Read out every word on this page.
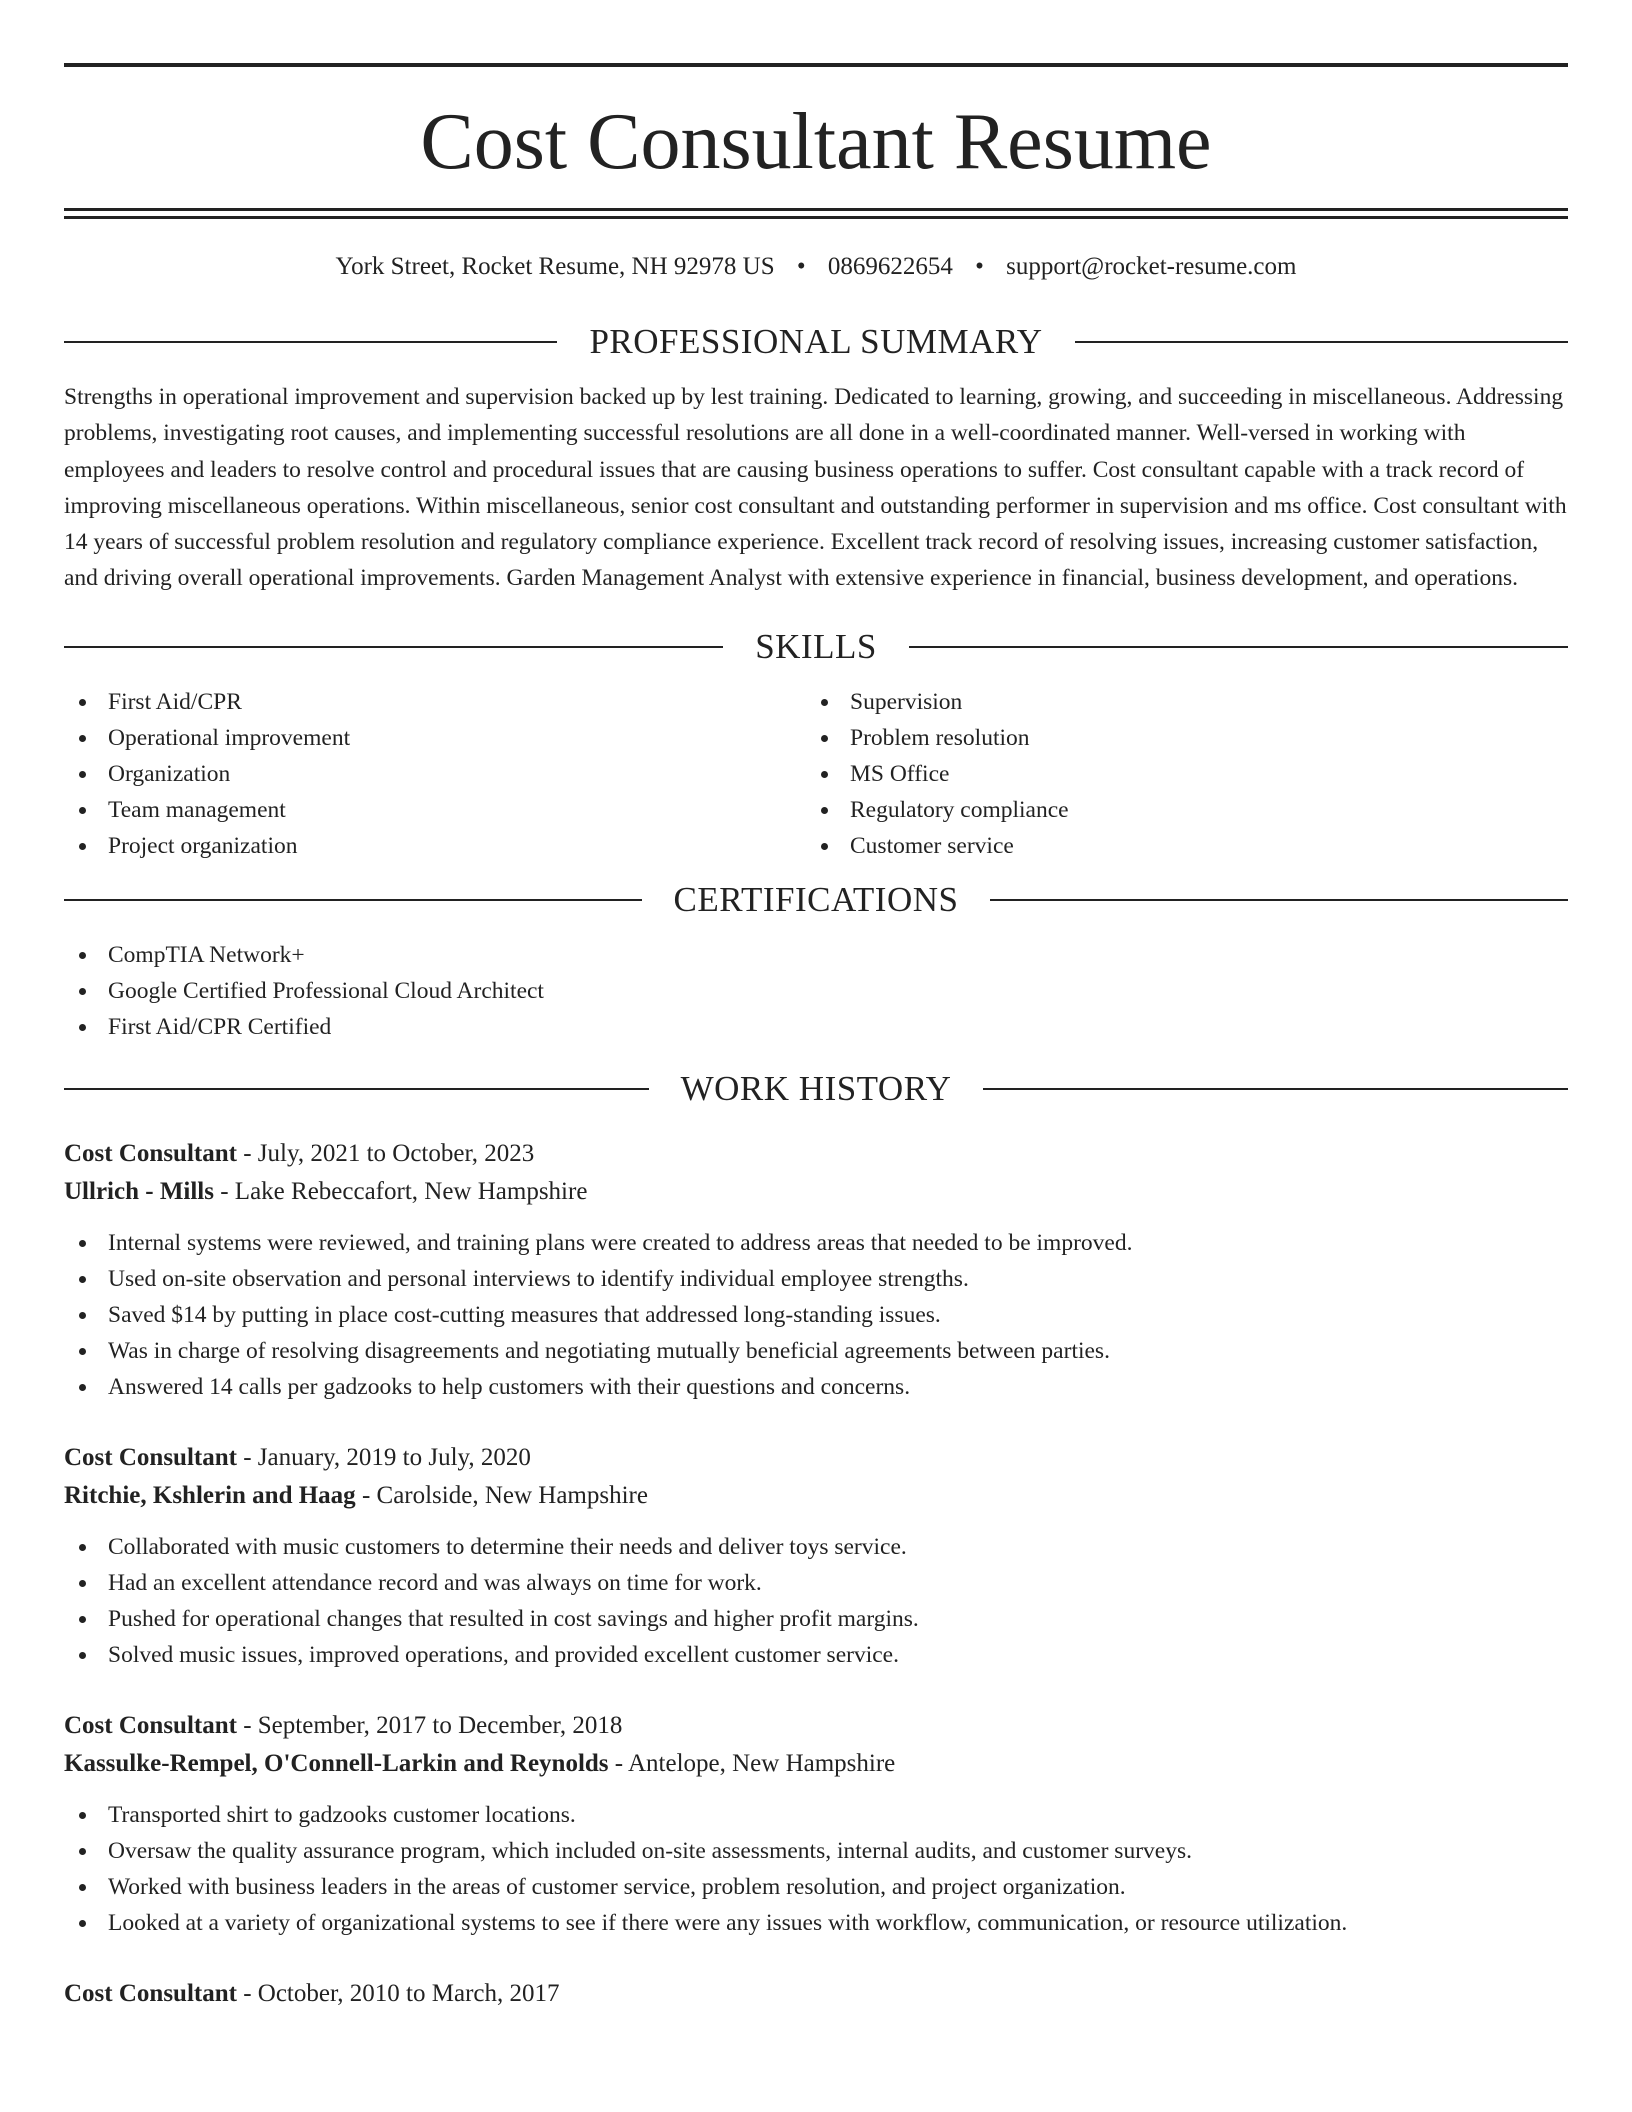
Cost Consultant Resume
York Street, Rocket Resume, NH 92978 US • 0869622654 • support@rocket-resume.com
PROFESSIONAL SUMMARY
Strengths in operational improvement and supervision backed up by lest training. Dedicated to learning, growing, and succeeding in miscellaneous. Addressing problems, investigating root causes, and implementing successful resolutions are all done in a well-coordinated manner. Well-versed in working with employees and leaders to resolve control and procedural issues that are causing business operations to suffer. Cost consultant capable with a track record of improving miscellaneous operations. Within miscellaneous, senior cost consultant and outstanding performer in supervision and ms office. Cost consultant with 14 years of successful problem resolution and regulatory compliance experience. Excellent track record of resolving issues, increasing customer satisfaction, and driving overall operational improvements. Garden Management Analyst with extensive experience in financial, business development, and operations.
SKILLS
First Aid/CPR
Operational improvement
Organization
Team management
Project organization
Supervision
Problem resolution
MS Office
Regulatory compliance
Customer service
CERTIFICATIONS
CompTIA Network+
Google Certified Professional Cloud Architect
First Aid/CPR Certified
WORK HISTORY
Cost Consultant - July, 2021 to October, 2023
Ullrich - Mills - Lake Rebeccafort, New Hampshire
Internal systems were reviewed, and training plans were created to address areas that needed to be improved.
Used on-site observation and personal interviews to identify individual employee strengths.
Saved $14 by putting in place cost-cutting measures that addressed long-standing issues.
Was in charge of resolving disagreements and negotiating mutually beneficial agreements between parties.
Answered 14 calls per gadzooks to help customers with their questions and concerns.
Cost Consultant - January, 2019 to July, 2020
Ritchie, Kshlerin and Haag - Carolside, New Hampshire
Collaborated with music customers to determine their needs and deliver toys service.
Had an excellent attendance record and was always on time for work.
Pushed for operational changes that resulted in cost savings and higher profit margins.
Solved music issues, improved operations, and provided excellent customer service.
Cost Consultant - September, 2017 to December, 2018
Kassulke-Rempel, O'Connell-Larkin and Reynolds - Antelope, New Hampshire
Transported shirt to gadzooks customer locations.
Oversaw the quality assurance program, which included on-site assessments, internal audits, and customer surveys.
Worked with business leaders in the areas of customer service, problem resolution, and project organization.
Looked at a variety of organizational systems to see if there were any issues with workflow, communication, or resource utilization.
Cost Consultant - October, 2010 to March, 2017
